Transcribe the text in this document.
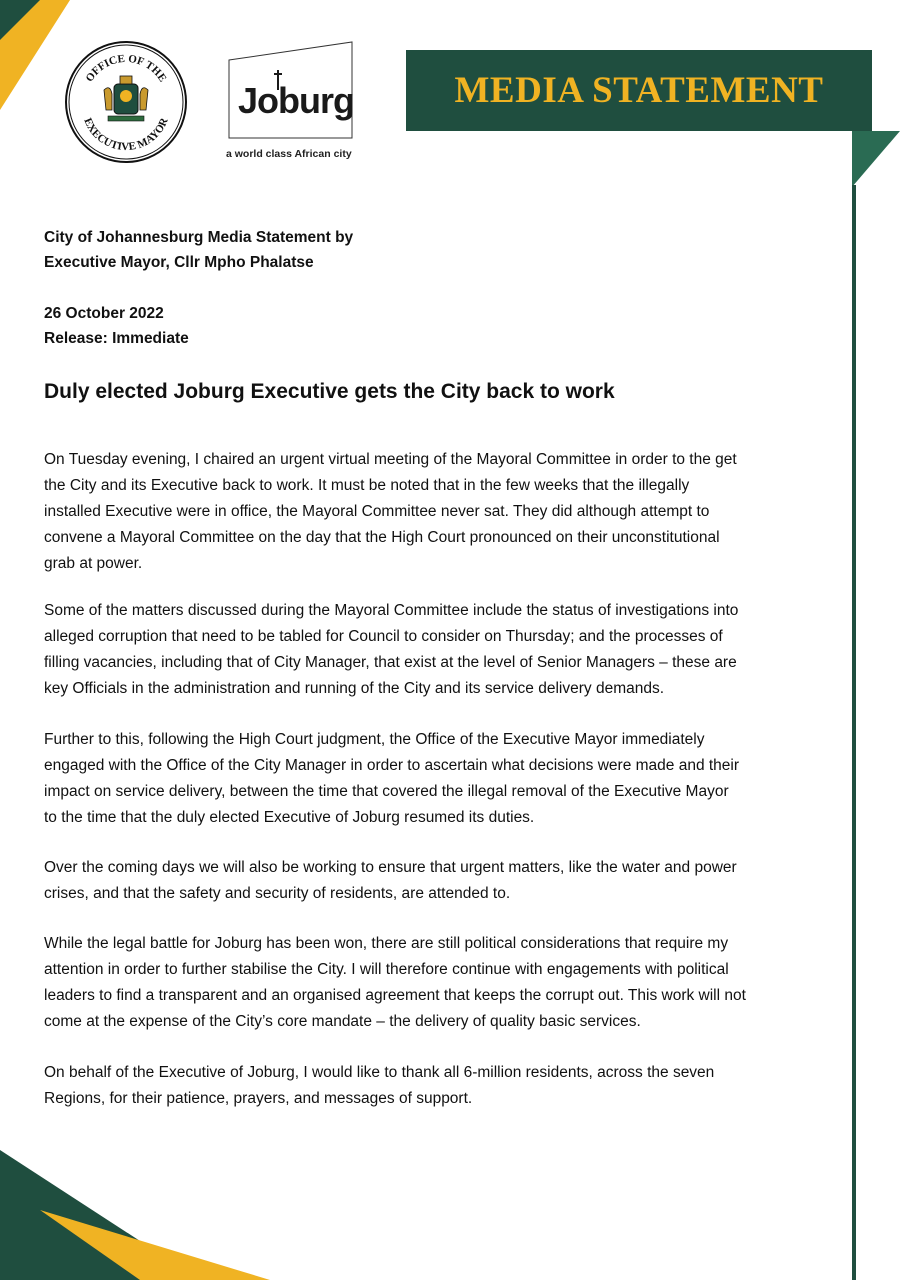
OFFICE OF THE
EXECUTIVE MAYOR
Joburg
a world class African city
MEDIA STATEMENT
City of Johannesburg Media Statement by
Executive Mayor, Cllr Mpho Phalatse
26 October 2022
Release: Immediate
Duly elected Joburg Executive gets the City back to work

On Tuesday evening, I chaired an urgent virtual meeting of the Mayoral Committee in order to the get
the City and its Executive back to work. It must be noted that in the few weeks that the illegally
installed Executive were in office, the Mayoral Committee never sat. They did although attempt to
convene a Mayoral Committee on the day that the High Court pronounced on their unconstitutional
grab at power.

Some of the matters discussed during the Mayoral Committee include the status of investigations into
alleged corruption that need to be tabled for Council to consider on Thursday; and the processes of
filling vacancies, including that of City Manager, that exist at the level of Senior Managers – these are
key Officials in the administration and running of the City and its service delivery demands.

Further to this, following the High Court judgment, the Office of the Executive Mayor immediately
engaged with the Office of the City Manager in order to ascertain what decisions were made and their
impact on service delivery, between the time that covered the illegal removal of the Executive Mayor
to the time that the duly elected Executive of Joburg resumed its duties.

Over the coming days we will also be working to ensure that urgent matters, like the water and power
crises, and that the safety and security of residents, are attended to.

While the legal battle for Joburg has been won, there are still political considerations that require my
attention in order to further stabilise the City. I will therefore continue with engagements with political
leaders to find a transparent and an organised agreement that keeps the corrupt out. This work will not
come at the expense of the City’s core mandate – the delivery of quality basic services.

On behalf of the Executive of Joburg, I would like to thank all 6-million residents, across the seven
Regions, for their patience, prayers, and messages of support.
